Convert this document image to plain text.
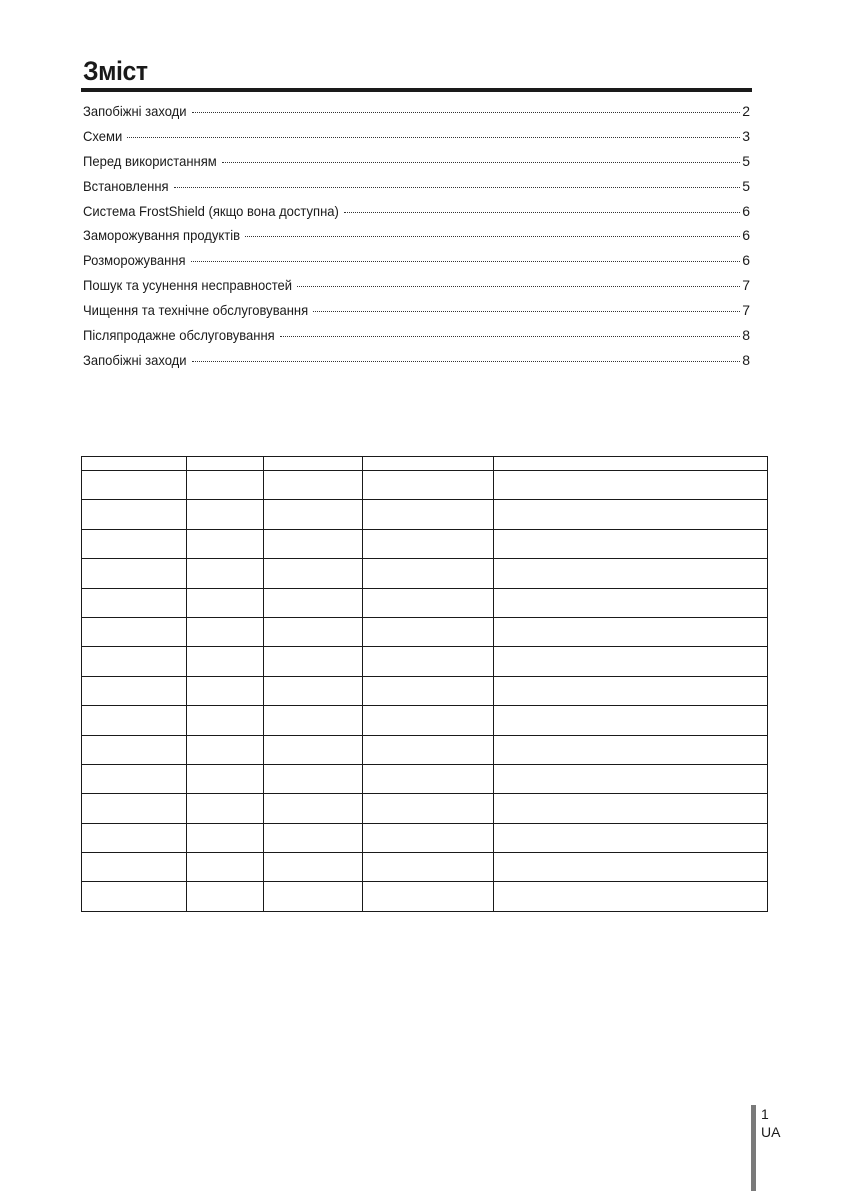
Зміст
Запобіжні заходи	2
Схеми	3
Перед використанням	5
Встановлення	5
Система FrostShield (якщо вона доступна)	6
Заморожування продуктів	6
Розморожування	6
Пошук та усунення несправностей	7
Чищення та технічне обслуговування	7
Післяпродажне обслуговування	8
Запобіжні заходи	8

1
UA
